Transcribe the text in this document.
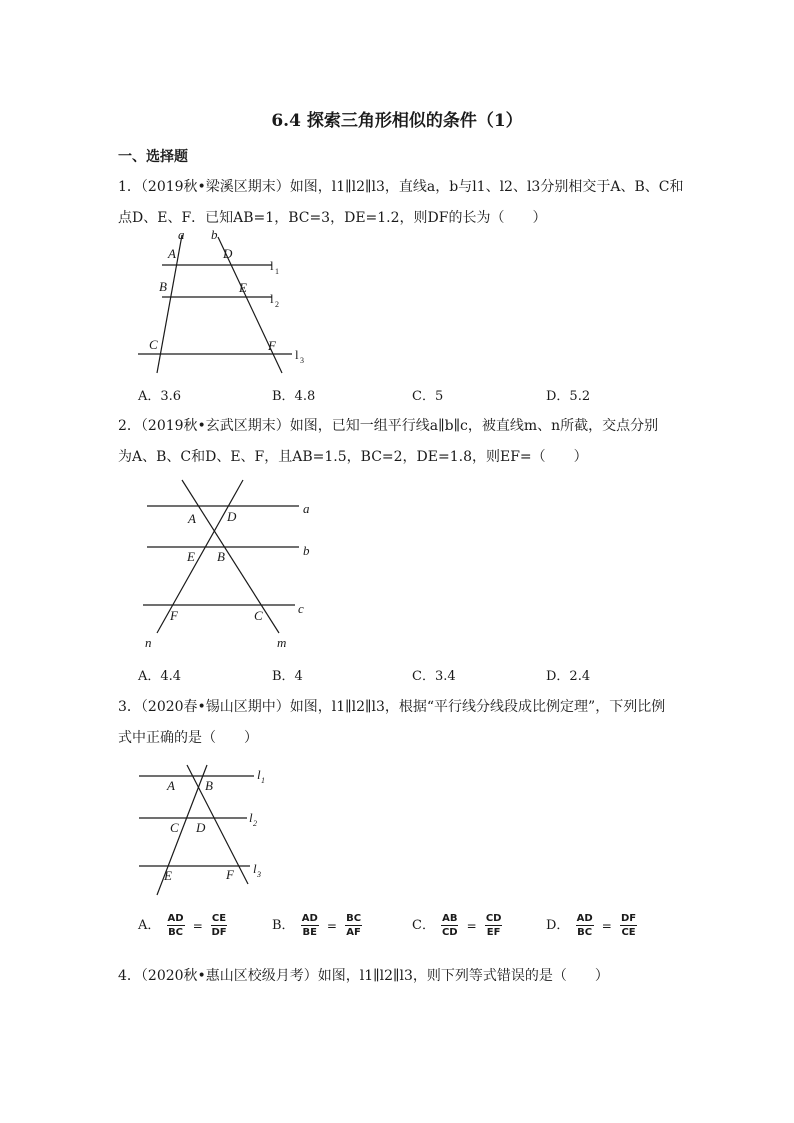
6.4 探索三角形相似的条件（1）
一、选择题
1．（2019秋•梁溪区期末）如图，l1∥l2∥l3，直线a，b与l1、l2、l3分别相交于A、B、C和
点D、E、F．已知AB=1，BC=3，DE=1.2，则DF的长为（　　）
a b
A	D
B	E
C	F
l 1
l 2
l 3
A．3.6	B．4.8	C．5	D．5.2
2．（2019秋•玄武区期末）如图，已知一组平行线a∥b∥c，被直线m、n所截，交点分别
为A、B、C和D、E、F，且AB=1.5，BC=2，DE=1.8，则EF=（　　）
A D
E B
F	C
a
b
c
n	m
A．4.4	B．4	C．3.4	D．2.4
3．（2020春•锡山区期中）如图，l1∥l2∥l3，根据“平行线分线段成比例定理”，下列比例
式中正确的是（　　）
A B
C D
E	F
l 1
l 2
l 3
A． $\frac{AD}{BC} = \frac{CE}{DF}$	B． $\frac{AD}{BE} = \frac{BC}{AF}$	C． $\frac{AB}{CD} = \frac{CD}{EF}$	D． $\frac{AD}{BC} = \frac{DF}{CE}$
4．（2020秋•惠山区校级月考）如图，l1∥l2∥l3，则下列等式错误的是（　　）
